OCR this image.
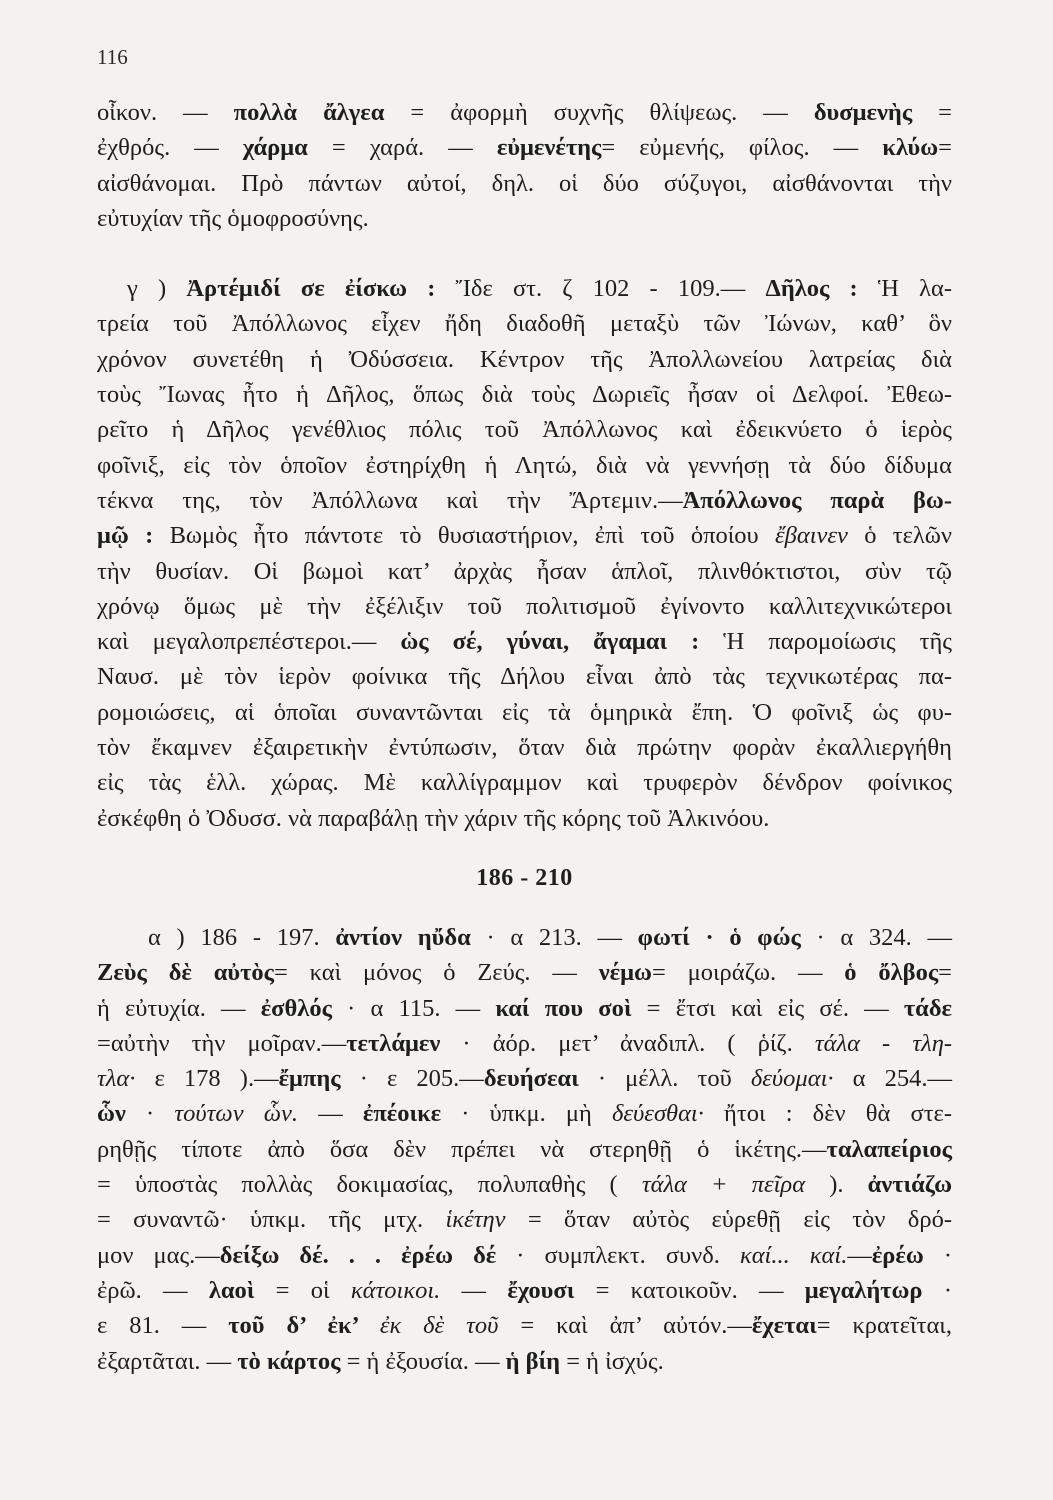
116
οἶκον. — πολλὰ ἄλγεα = ἀφορμὴ συχνῆς θλίψεως. — δυσμενὴς =
ἐχθρός. — χάρμα = χαρά. — εὐμενέτης= εὐμενής, φίλος. — κλύω=
αἰσθάνομαι. Πρὸ πάντων αὐτοί, δηλ. οἱ δύο σύζυγοι, αἰσθάνονται τὴν
εὐτυχίαν τῆς ὁμοφροσύνης.
γ ) Ἀρτέμιδί σε ἐίσκω : Ἴδε στ. ζ 102 - 109.— Δῆλος : Ἡ λα-
τρεία τοῦ Ἀπόλλωνος εἶχεν ἤδη διαδοθῆ μεταξὺ τῶν Ἰώνων, καθ’ ὃν
χρόνον συνετέθη ἡ Ὀδύσσεια. Κέντρον τῆς Ἀπολλωνείου λατρείας διὰ
τοὺς Ἴωνας ἦτο ἡ Δῆλος, ὅπως διὰ τοὺς Δωριεῖς ἦσαν οἱ Δελφοί. Ἐθεω-
ρεῖτο ἡ Δῆλος γενέθλιος πόλις τοῦ Ἀπόλλωνος καὶ ἐδεικνύετο ὁ ἱερὸς
φοῖνιξ, εἰς τὸν ὁποῖον ἐστηρίχθη ἡ Λητώ, διὰ νὰ γεννήσῃ τὰ δύο δίδυμα
τέκνα της, τὸν Ἀπόλλωνα καὶ τὴν Ἄρτεμιν.—Ἀπόλλωνος παρὰ βω-
μῷ : Βωμὸς ἦτο πάντοτε τὸ θυσιαστήριον, ἐπὶ τοῦ ὁποίου ἔβαινεν ὁ τελῶν
τὴν θυσίαν. Οἱ βωμοὶ κατ’ ἀρχὰς ἦσαν ἁπλοῖ, πλινθόκτιστοι, σὺν τῷ
χρόνῳ ὅμως μὲ τὴν ἐξέλιξιν τοῦ πολιτισμοῦ ἐγίνοντο καλλιτεχνικώτεροι
καὶ μεγαλοπρεπέστεροι.— ὡς σέ, γύναι, ἄγαμαι : Ἡ παρομοίωσις τῆς
Ναυσ. μὲ τὸν ἱερὸν φοίνικα τῆς Δήλου εἶναι ἀπὸ τὰς τεχνικωτέρας πα-
ρομοιώσεις, αἱ ὁποῖαι συναντῶνται εἰς τὰ ὁμηρικὰ ἔπη. Ὁ φοῖνιξ ὡς φυ-
τὸν ἔκαμνεν ἐξαιρετικὴν ἐντύπωσιν, ὅταν διὰ πρώτην φορὰν ἐκαλλιεργήθη
εἰς τὰς ἑλλ. χώρας. Μὲ καλλίγραμμον καὶ τρυφερὸν δένδρον φοίνικος
ἐσκέφθη ὁ Ὀδυσσ. νὰ παραβάλῃ τὴν χάριν τῆς κόρης τοῦ Ἀλκινόου.
186 - 210
α ) 186 - 197. ἀντίον ηὔδα · α 213. — φωτί · ὁ φώς · α 324. —
Ζεὺς δὲ αὐτὸς= καὶ μόνος ὁ Ζεύς. — νέμω= μοιράζω. — ὁ ὄλβος=
ἡ εὐτυχία. — ἐσθλός · α 115. — καί που σοὶ = ἔτσι καὶ εἰς σέ. — τάδε
=αὐτὴν τὴν μοῖραν.—τετλάμεν · ἀόρ. μετ’ ἀναδιπλ. ( ῥίζ. τάλα - τλη-
τλα· ε 178 ).—ἔμπης · ε 205.—δευήσεαι · μέλλ. τοῦ δεύομαι· α 254.—
ὧν · τούτων ὧν. — ἐπέοικε · ὑπκμ. μὴ δεύεσθαι· ἤτοι : δὲν θὰ στε-
ρηθῇς τίποτε ἀπὸ ὅσα δὲν πρέπει νὰ στερηθῇ ὁ ἱκέτης.—ταλαπείριος
= ὑποστὰς πολλὰς δοκιμασίας, πολυπαθὴς ( τάλα + πεῖρα ). ἀντιάζω
= συναντῶ· ὑπκμ. τῆς μτχ. ἱκέτην = ὅταν αὐτὸς εὑρεθῇ εἰς τὸν δρό-
μον μας.—δείξω δέ. . . ἐρέω δέ · συμπλεκτ. συνδ. καί... καί.—ἐρέω ·
ἐρῶ. — λαοὶ = οἱ κάτοικοι. — ἔχουσι = κατοικοῦν. — μεγαλήτωρ ·
ε 81. — τοῦ δ’ ἐκ’ ἐκ δὲ τοῦ = καὶ ἀπ’ αὐτόν.—ἔχεται= κρατεῖται,
ἐξαρτᾶται. — τὸ κάρτος = ἡ ἐξουσία. — ἡ βίη = ἡ ἰσχύς.
